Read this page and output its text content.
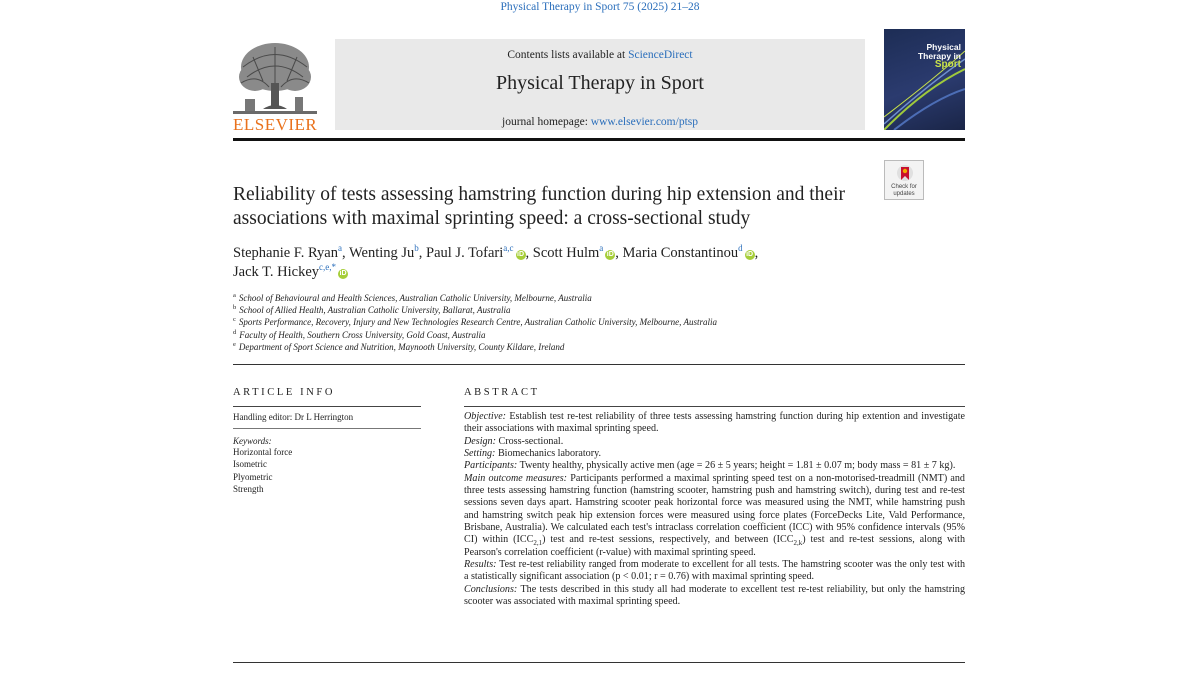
Physical Therapy in Sport 75 (2025) 21–28
ELSEVIER
Contents lists available at ScienceDirect
Physical Therapy in Sport
journal homepage: www.elsevier.com/ptsp
Physical
Therapy in
Sport
Check for
updates
Reliability of tests assessing hamstring function during hip extension and their associations with maximal sprinting speed: a cross-sectional study
Stephanie F. Ryan$^a$, Wenting Ju$^b$, Paul J. Tofari$^{a,c}$iD , Scott Hulm$^a$iD , Maria Constantinou$^d$iD ,
Jack T. Hickey$^{c,e,*}$iD
$^a$ School of Behavioural and Health Sciences, Australian Catholic University, Melbourne, Australia
$^b$ School of Allied Health, Australian Catholic University, Ballarat, Australia
$^c$ Sports Performance, Recovery, Injury and New Technologies Research Centre, Australian Catholic University, Melbourne, Australia
$^d$ Faculty of Health, Southern Cross University, Gold Coast, Australia
$^e$ Department of Sport Science and Nutrition, Maynooth University, County Kildare, Ireland
ARTICLE INFO
Handling editor: Dr L Herrington
Keywords:
Horizontal force
Isometric
Plyometric
Strength
ABSTRACT

Objective: Establish test re-test reliability of three tests assessing hamstring function during hip extention and investigate their associations with maximal sprinting speed.

Design: Cross-sectional.

Setting: Biomechanics laboratory.

Participants: Twenty healthy, physically active men (age = 26 ± 5 years; height = 1.81 ± 0.07 m; body mass = 81 ± 7 kg).

Main outcome measures: Participants performed a maximal sprinting speed test on a non-motorised-treadmill (NMT) and three tests assessing hamstring function (hamstring scooter, hamstring push and hamstring switch), during test and re-test sessions seven days apart. Hamstring scooter peak horizontal force was measured using the NMT, while hamstring push and hamstring switch peak hip extension forces were measured using force plates (ForceDecks Lite, Vald Performance, Brisbane, Australia). We calculated each test's intraclass correlation coefficient (ICC) with 95% confidence intervals (95% CI) within $(ICC_{2,1})$ test and re-test sessions, respectively, and between $(ICC_{2,k})$ test and re-test sessions, along with Pearson's correlation coefficient (r-value) with maximal sprinting speed.

Results: Test re-test reliability ranged from moderate to excellent for all tests. The hamstring scooter was the only test with a statistically significant association (p < 0.01; r = 0.76) with maximal sprinting speed.

Conclusions: The tests described in this study all had moderate to excellent test re-test reliability, but only the hamstring scooter was associated with maximal sprinting speed.
